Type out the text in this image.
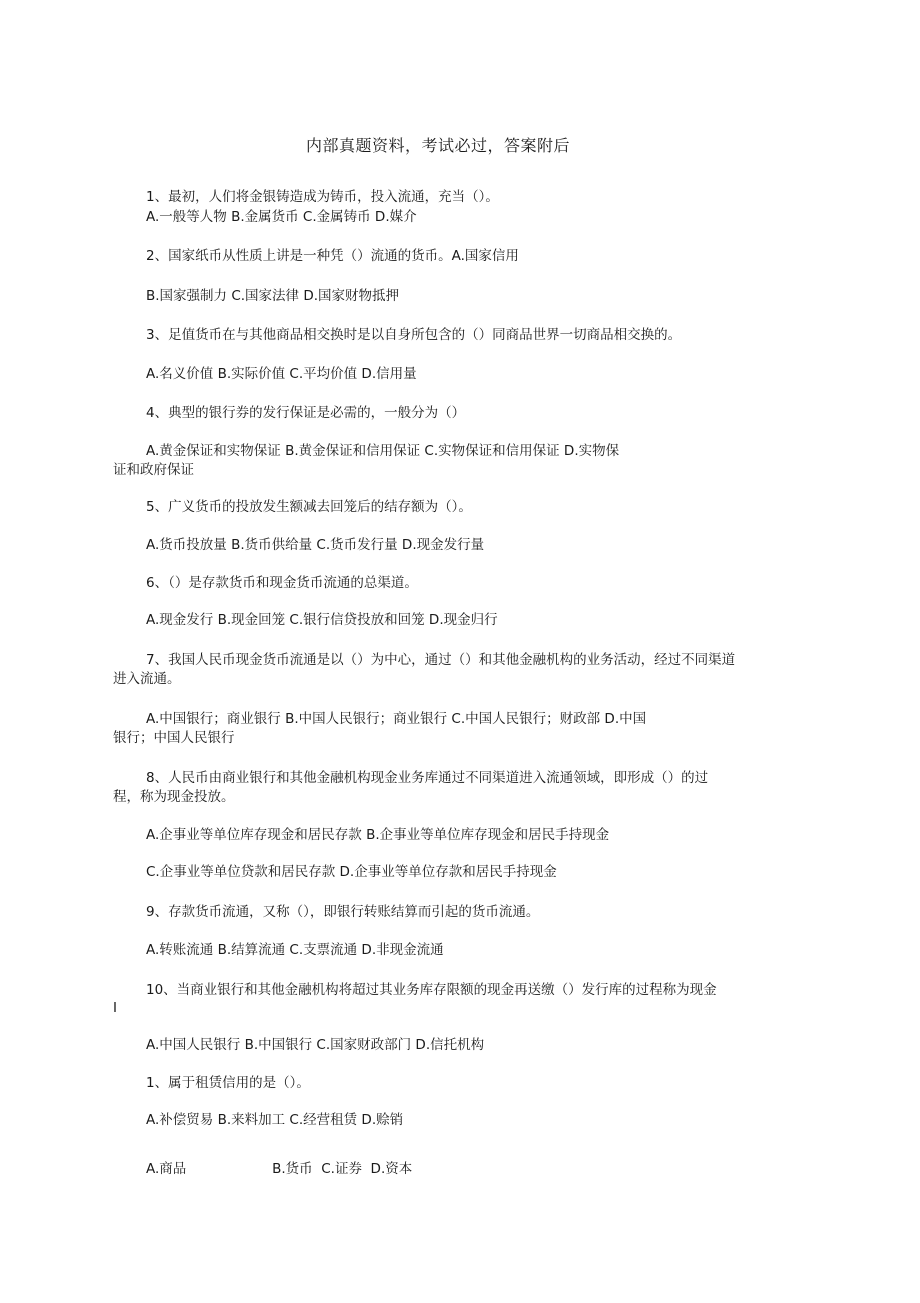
内部真题资料，考试必过，答案附后
1、最初，人们将金银铸造成为铸币，投入流通，充当（）。
A.一般等人物 B.金属货币 C.金属铸币 D.媒介
2、国家纸币从性质上讲是一种凭（）流通的货币。A.国家信用
B.国家强制力 C.国家法律 D.国家财物抵押
3、足值货币在与其他商品相交换时是以自身所包含的（）同商品世界一切商品相交换的。
A.名义价值 B.实际价值 C.平均价值 D.信用量
4、典型的银行券的发行保证是必需的，一般分为（）
A.黄金保证和实物保证 B.黄金保证和信用保证 C.实物保证和信用保证 D.实物保
证和政府保证
5、广义货币的投放发生额减去回笼后的结存额为（）。
A.货币投放量 B.货币供给量 C.货币发行量 D.现金发行量
6、（）是存款货币和现金货币流通的总渠道。
A.现金发行 B.现金回笼 C.银行信贷投放和回笼 D.现金归行
7、我国人民币现金货币流通是以（）为中心，通过（）和其他金融机构的业务活动，经过不同渠道
进入流通。
A.中国银行；商业银行 B.中国人民银行；商业银行 C.中国人民银行；财政部 D.中国
银行；中国人民银行
8、人民币由商业银行和其他金融机构现金业务库通过不同渠道进入流通领域，即形成（）的过
程，称为现金投放。
A.企事业等单位库存现金和居民存款 B.企事业等单位库存现金和居民手持现金
C.企事业等单位贷款和居民存款 D.企事业等单位存款和居民手持现金
9、存款货币流通，又称（），即银行转账结算而引起的货币流通。
A.转账流通 B.结算流通 C.支票流通 D.非现金流通
10、当商业银行和其他金融机构将超过其业务库存限额的现金再送缴（）发行库的过程称为现金
I
A.中国人民银行 B.中国银行 C.国家财政部门 D.信托机构
1、属于租赁信用的是（）。
A.补偿贸易 B.来料加工 C.经营租赁 D.赊销
A.商品                    B.货币  C.证券  D.资本
